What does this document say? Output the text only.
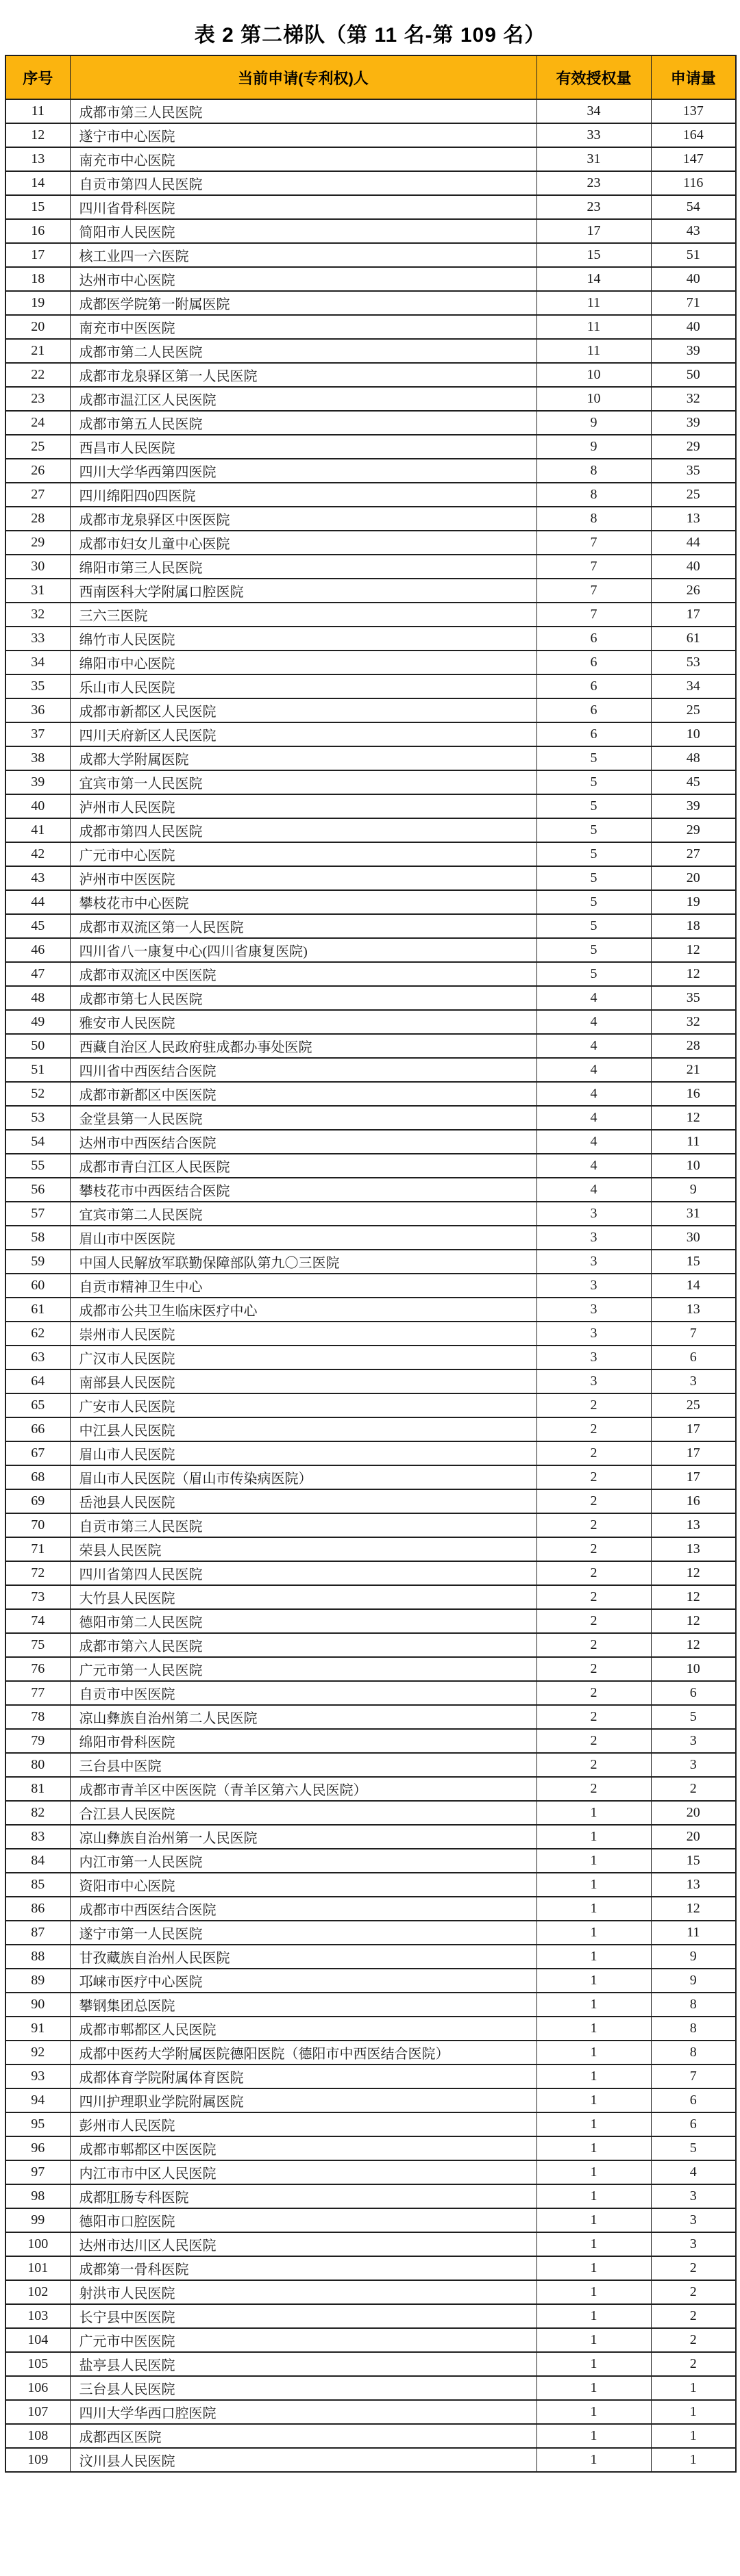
表 2 第二梯队（第 11 名-第 109 名）
序号	当前申请(专利权)人	有效授权量	申请量
11	成都市第三人民医院	34	137
12	遂宁市中心医院	33	164
13	南充市中心医院	31	147
14	自贡市第四人民医院	23	116
15	四川省骨科医院	23	54
16	简阳市人民医院	17	43
17	核工业四一六医院	15	51
18	达州市中心医院	14	40
19	成都医学院第一附属医院	11	71
20	南充市中医医院	11	40
21	成都市第二人民医院	11	39
22	成都市龙泉驿区第一人民医院	10	50
23	成都市温江区人民医院	10	32
24	成都市第五人民医院	9	39
25	西昌市人民医院	9	29
26	四川大学华西第四医院	8	35
27	四川绵阳四0四医院	8	25
28	成都市龙泉驿区中医医院	8	13
29	成都市妇女儿童中心医院	7	44
30	绵阳市第三人民医院	7	40
31	西南医科大学附属口腔医院	7	26
32	三六三医院	7	17
33	绵竹市人民医院	6	61
34	绵阳市中心医院	6	53
35	乐山市人民医院	6	34
36	成都市新都区人民医院	6	25
37	四川天府新区人民医院	6	10
38	成都大学附属医院	5	48
39	宜宾市第一人民医院	5	45
40	泸州市人民医院	5	39
41	成都市第四人民医院	5	29
42	广元市中心医院	5	27
43	泸州市中医医院	5	20
44	攀枝花市中心医院	5	19
45	成都市双流区第一人民医院	5	18
46	四川省八一康复中心(四川省康复医院)	5	12
47	成都市双流区中医医院	5	12
48	成都市第七人民医院	4	35
49	雅安市人民医院	4	32
50	西藏自治区人民政府驻成都办事处医院	4	28
51	四川省中西医结合医院	4	21
52	成都市新都区中医医院	4	16
53	金堂县第一人民医院	4	12
54	达州市中西医结合医院	4	11
55	成都市青白江区人民医院	4	10
56	攀枝花市中西医结合医院	4	9
57	宜宾市第二人民医院	3	31
58	眉山市中医医院	3	30
59	中国人民解放军联勤保障部队第九〇三医院	3	15
60	自贡市精神卫生中心	3	14
61	成都市公共卫生临床医疗中心	3	13
62	崇州市人民医院	3	7
63	广汉市人民医院	3	6
64	南部县人民医院	3	3
65	广安市人民医院	2	25
66	中江县人民医院	2	17
67	眉山市人民医院	2	17
68	眉山市人民医院（眉山市传染病医院）	2	17
69	岳池县人民医院	2	16
70	自贡市第三人民医院	2	13
71	荣县人民医院	2	13
72	四川省第四人民医院	2	12
73	大竹县人民医院	2	12
74	德阳市第二人民医院	2	12
75	成都市第六人民医院	2	12
76	广元市第一人民医院	2	10
77	自贡市中医医院	2	6
78	凉山彝族自治州第二人民医院	2	5
79	绵阳市骨科医院	2	3
80	三台县中医院	2	3
81	成都市青羊区中医医院（青羊区第六人民医院）	2	2
82	合江县人民医院	1	20
83	凉山彝族自治州第一人民医院	1	20
84	内江市第一人民医院	1	15
85	资阳市中心医院	1	13
86	成都市中西医结合医院	1	12
87	遂宁市第一人民医院	1	11
88	甘孜藏族自治州人民医院	1	9
89	邛崃市医疗中心医院	1	9
90	攀钢集团总医院	1	8
91	成都市郫都区人民医院	1	8
92	成都中医药大学附属医院德阳医院（德阳市中西医结合医院）	1	8
93	成都体育学院附属体育医院	1	7
94	四川护理职业学院附属医院	1	6
95	彭州市人民医院	1	6
96	成都市郫都区中医医院	1	5
97	内江市市中区人民医院	1	4
98	成都肛肠专科医院	1	3
99	德阳市口腔医院	1	3
100	达州市达川区人民医院	1	3
101	成都第一骨科医院	1	2
102	射洪市人民医院	1	2
103	长宁县中医医院	1	2
104	广元市中医医院	1	2
105	盐亭县人民医院	1	2
106	三台县人民医院	1	1
107	四川大学华西口腔医院	1	1
108	成都西区医院	1	1
109	汶川县人民医院	1	1
